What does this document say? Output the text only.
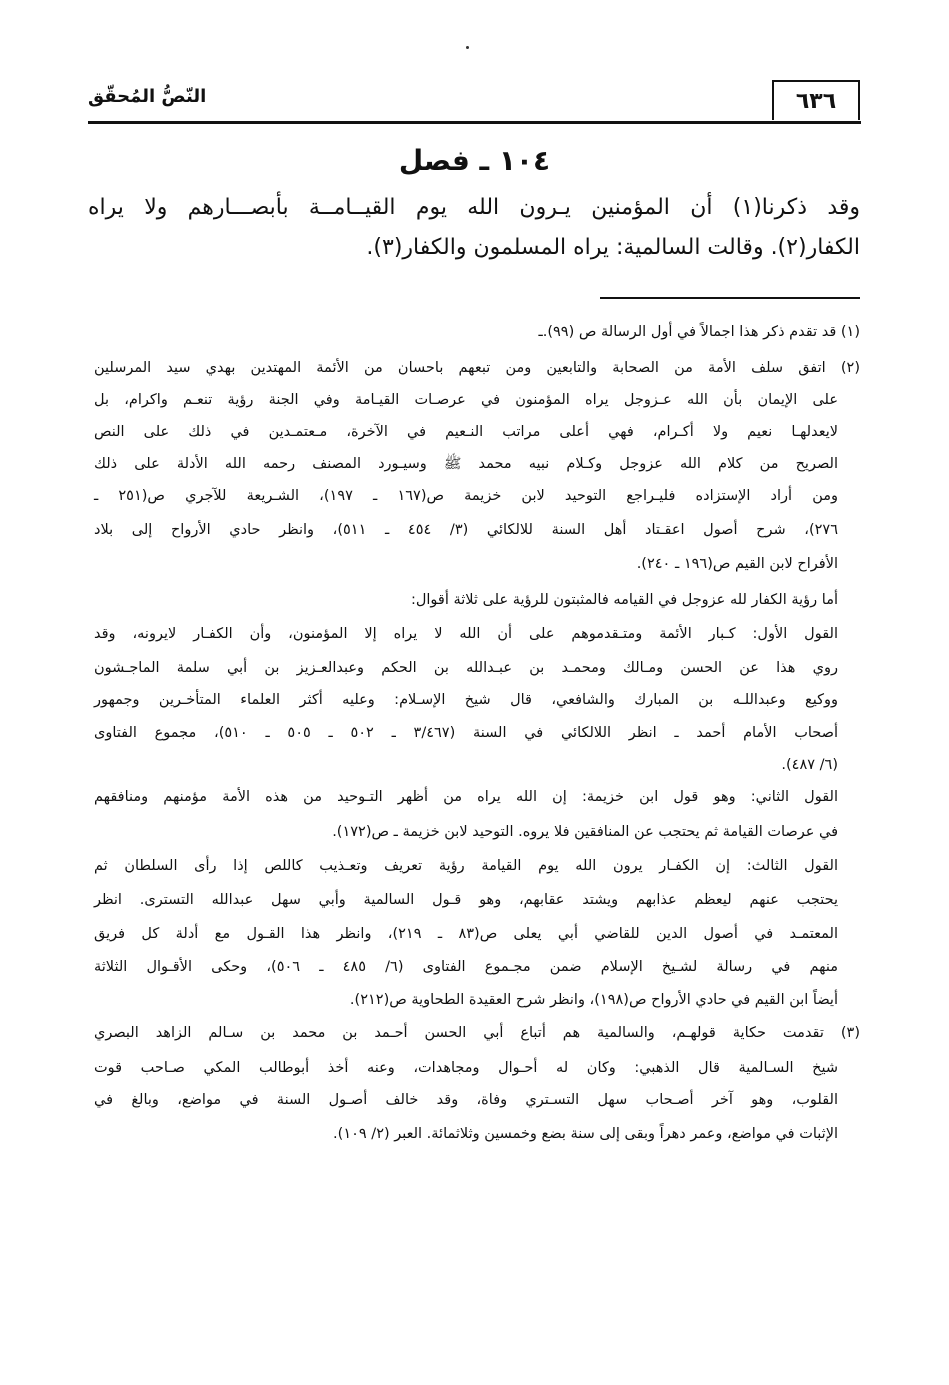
٦٣٦
النّصُّ المُحقّق
١٠٤ ـ فصل
وقد ذكرنا(١) أن المؤمنين يـرون الله يوم القيــامــة بأبصـــارهم ولا يراه
الكفار(٢). وقالت السالمية: يراه المسلمون والكفار(٣).
(١) قد تقدم ذكر هذا اجمالاً في أول الرسالة ص (٩٩).ـ
(٢) اتفق سلف الأمة من الصحابة والتابعين ومن تبعهم باحسان من الأئمة المهتدين بهدي سيد المرسلين
على الإيمان بأن الله عـزوجل يراه المؤمنون في عرصـات القيـامة وفي الجنة رؤية تنعـم واكرام، بل
لايعدلهـا نعيم ولا أكـرام، فهي أعلى مراتب النـعيم في الآخرة، مـعتمـدين في ذلك على النص
الصريح من كلام الله عزوجل وكـلام نبيه محمد ﷺ وسيـورد المصنف رحمه الله الأدلة على ذلك
ومن أراد الإستزاده فليـراجع التوحيد لابن خزيمة ص(١٦٧ ـ ١٩٧)، الشـريعة للآجري ص(٢٥١ ـ
٢٧٦)، شرح أصول اعقـتاد أهل السنة للالكائي (٣/ ٤٥٤ ـ ٥١١)، وانظر حادي الأرواح إلى بلاد
الأفراح لابن القيم ص(١٩٦ ـ ٢٤٠).
أما رؤية الكفار لله عزوجل في القيامه فالمثبتون للرؤية على ثلاثة أقوال:
القول الأول: كـبار الأئمة ومتـقدموهم على أن الله لا يراه إلا المؤمنون، وأن الكفـار لايرونه، وقد
روي هذا عن الحسن ومـالك ومحمـد بن عبـدالله بن الحكم وعبدالعـزيز بن أبي سلمة الماجـشون
ووكيع وعبداللـه بن المبارك والشافعي، قال شيخ الإسـلام: وعليه أكثر العلماء المتأخـرين وجمهور
أصحاب الأمام أحمد ـ انظر اللالكائي في السنة (٣/٤٦٧ ـ ٥٠٢ ـ ٥٠٥ ـ ٥١٠)، مجموع الفتاوى
(٦/ ٤٨٧).
القول الثاني: وهو قول ابن خزيمة: إن الله يراه من أظهر التـوحيد من هذه الأمة مؤمنهم ومنافقهم
في عرصات القيامة ثم يحتجب عن المنافقين فلا يروه. التوحيد لابن خزيمة ـ ص(١٧٢).
القول الثالث: إن الكفـار يرون الله يوم القيامة رؤية تعريف وتعـذيب كاللص إذا رأى السلطان ثم
يحتجب عنهم ليعظم عذابهم ويشتد عقابهم، وهو قـول السالمية وأبي سهل عبدالله التسترى. انظر
المعتمـد في أصول الدين للقاضي أبي يعلى ص(٨٣ ـ ٢١٩)، وانظر هذا القـول مع أدلة كل فريق
منهم في رسالة لشـيخ الإسلام ضمن مجـموع الفتاوى (٦/ ٤٨٥ ـ ٥٠٦)، وحكى الأقـوال الثلاثة
أيضاً ابن القيم في حادي الأرواح ص(١٩٨)، وانظر شرح العقيدة الطحاوية ص(٢١٢).
(٣) تقدمت حكاية قولهـم، والسالمية هم أتباع أبي الحسن أحـمد بن محمد بن سـالم الزاهد البصري
شيخ السـالمية قال الذهبي: وكان له أحـوال ومجاهدات، وعنه أخذ أبوطالب المكي صـاحب قوت
القلوب، وهو آخر أصـحاب سهل التسـتري وفاة، وقد خالف أصـول السنة في مواضع، وبالغ في
الإثبات في مواضع، وعمر دهراً وبقى إلى سنة بضع وخمسين وثلاثمائة. العبر (٢/ ١٠٩).
